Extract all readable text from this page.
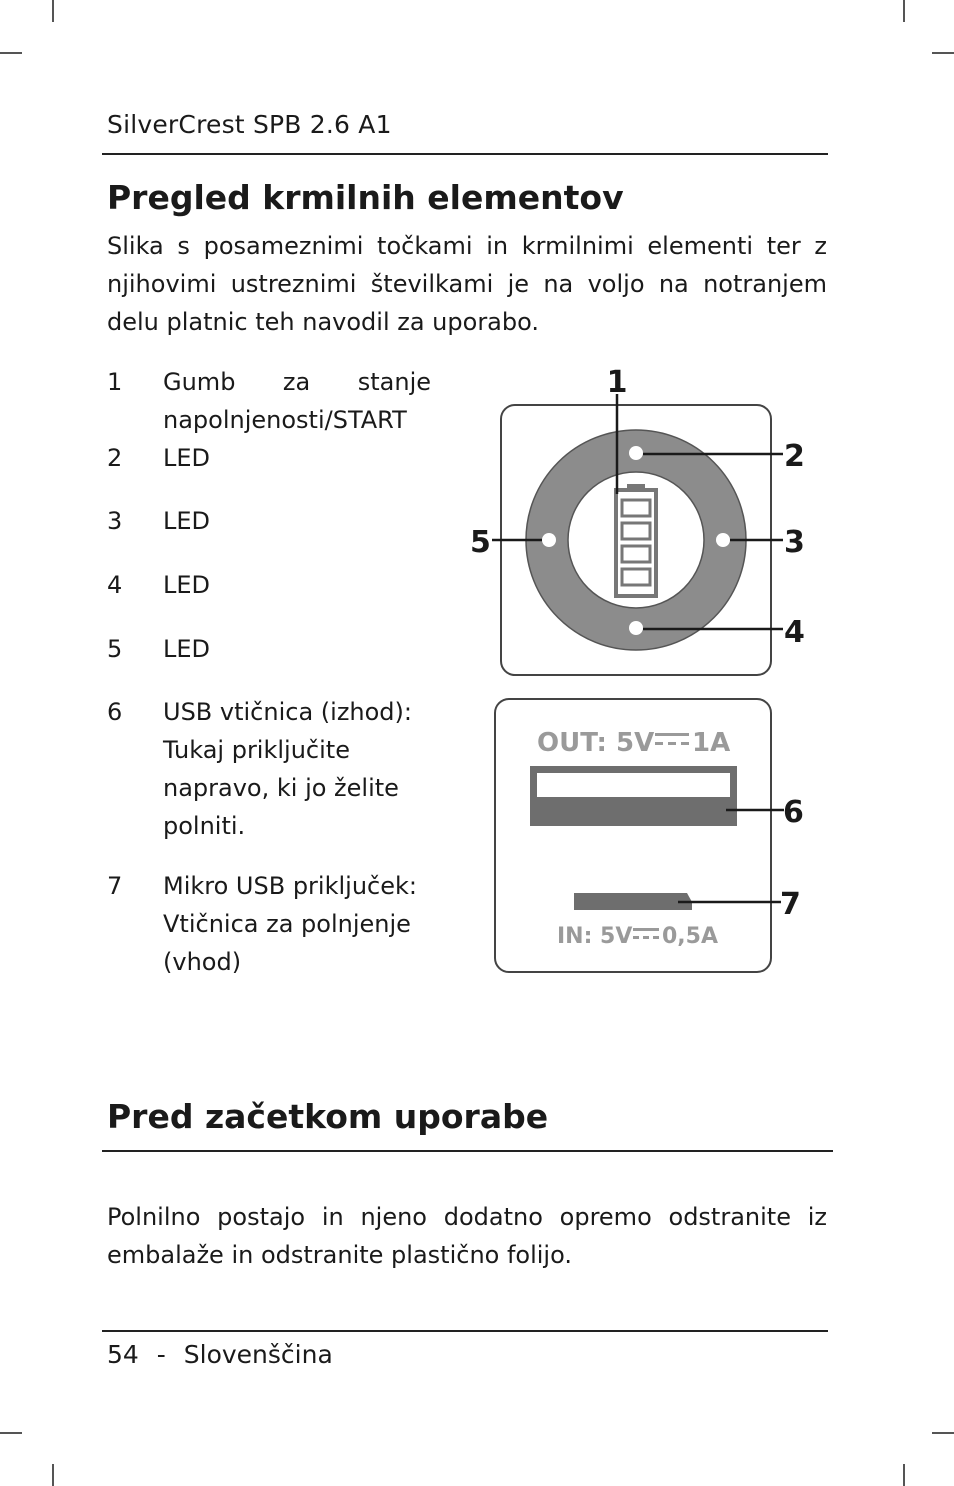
SilverCrest SPB 2.6 A1
Pregled krmilnih elementov
Slika s posameznimi točkami in krmilnimi elementi ter z njihovimi ustreznimi številkami je na voljo na notranjem delu platnic teh navodil za uporabo.
1	Gumb za stanje
napolnjenosti/START
2	LED
3	LED
4	LED
5	LED
6	USB vtičnica (izhod): Tukaj priključite napravo, ki jo želite polniti.
7	Mikro USB priključek: Vtičnica za polnjenje (vhod)
1
2
3
4
5
OUT: 5V 1A
IN: 5V 0,5A
6
7
Pred začetkom uporabe
Polnilno postajo in njeno dodatno opremo odstranite iz embalaže in odstranite plastično folijo.
54 - Slovenščina
